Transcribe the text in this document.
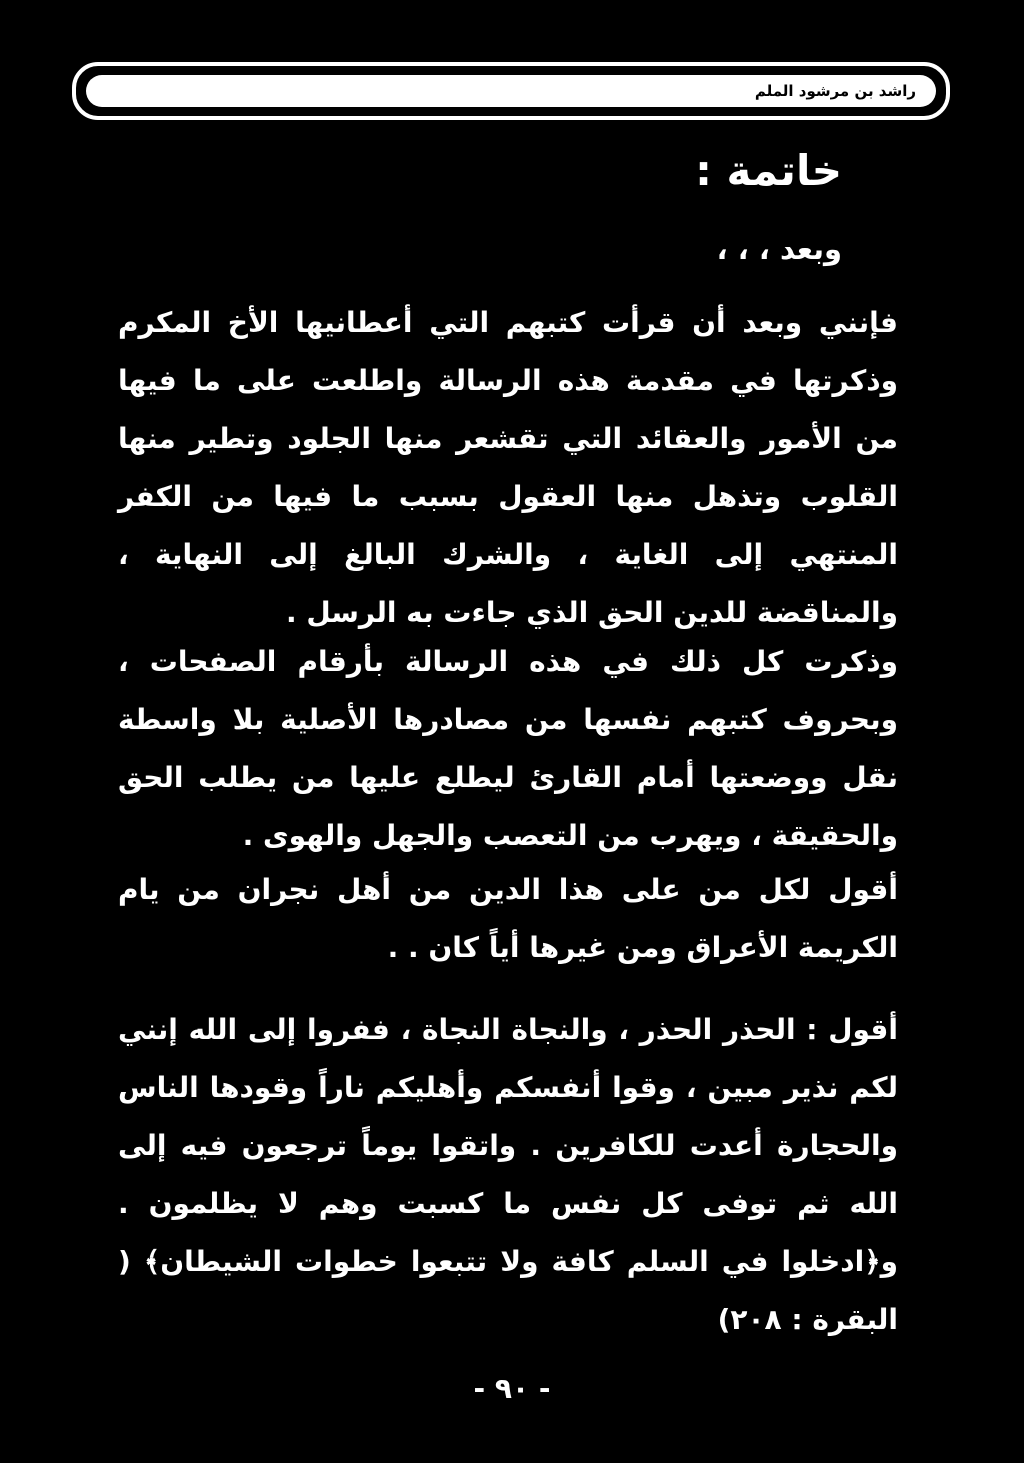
راشد بن مرشود الملم
خاتمة :
وبعد ، ، ،

فإنني وبعد أن قرأت كتبهم التي أعطانيها الأخ المكرم وذكرتها في مقدمة هذه الرسالة واطلعت على ما فيها من الأمور والعقائد التي تقشعر منها الجلود وتطير منها القلوب وتذهل منها العقول بسبب ما فيها من الكفر المنتهي إلى الغاية ، والشرك البالغ إلى النهاية ، والمناقضة للدين الحق الذي جاءت به الرسل .

وذكرت كل ذلك في هذه الرسالة بأرقام الصفحات ، وبحروف كتبهم نفسها من مصادرها الأصلية بلا واسطة نقل ووضعتها أمام القارئ ليطلع عليها من يطلب الحق والحقيقة ، ويهرب من التعصب والجهل والهوى .

أقول لكل من على هذا الدين من أهل نجران من يام الكريمة الأعراق ومن غيرها أياً كان . .

أقول : الحذر الحذر ، والنجاة النجاة ، ففروا إلى الله إنني لكم نذير مبين ، وقوا أنفسكم وأهليكم ناراً وقودها الناس والحجارة أعدت للكافرين . واتقوا يوماً ترجعون فيه إلى الله ثم توفى كل نفس ما كسبت وهم لا يظلمون . و﴿ادخلوا في السلم كافة ولا تتبعوا خطوات الشيطان﴾ ( البقرة : ٢٠٨)

- ٩٠ -
